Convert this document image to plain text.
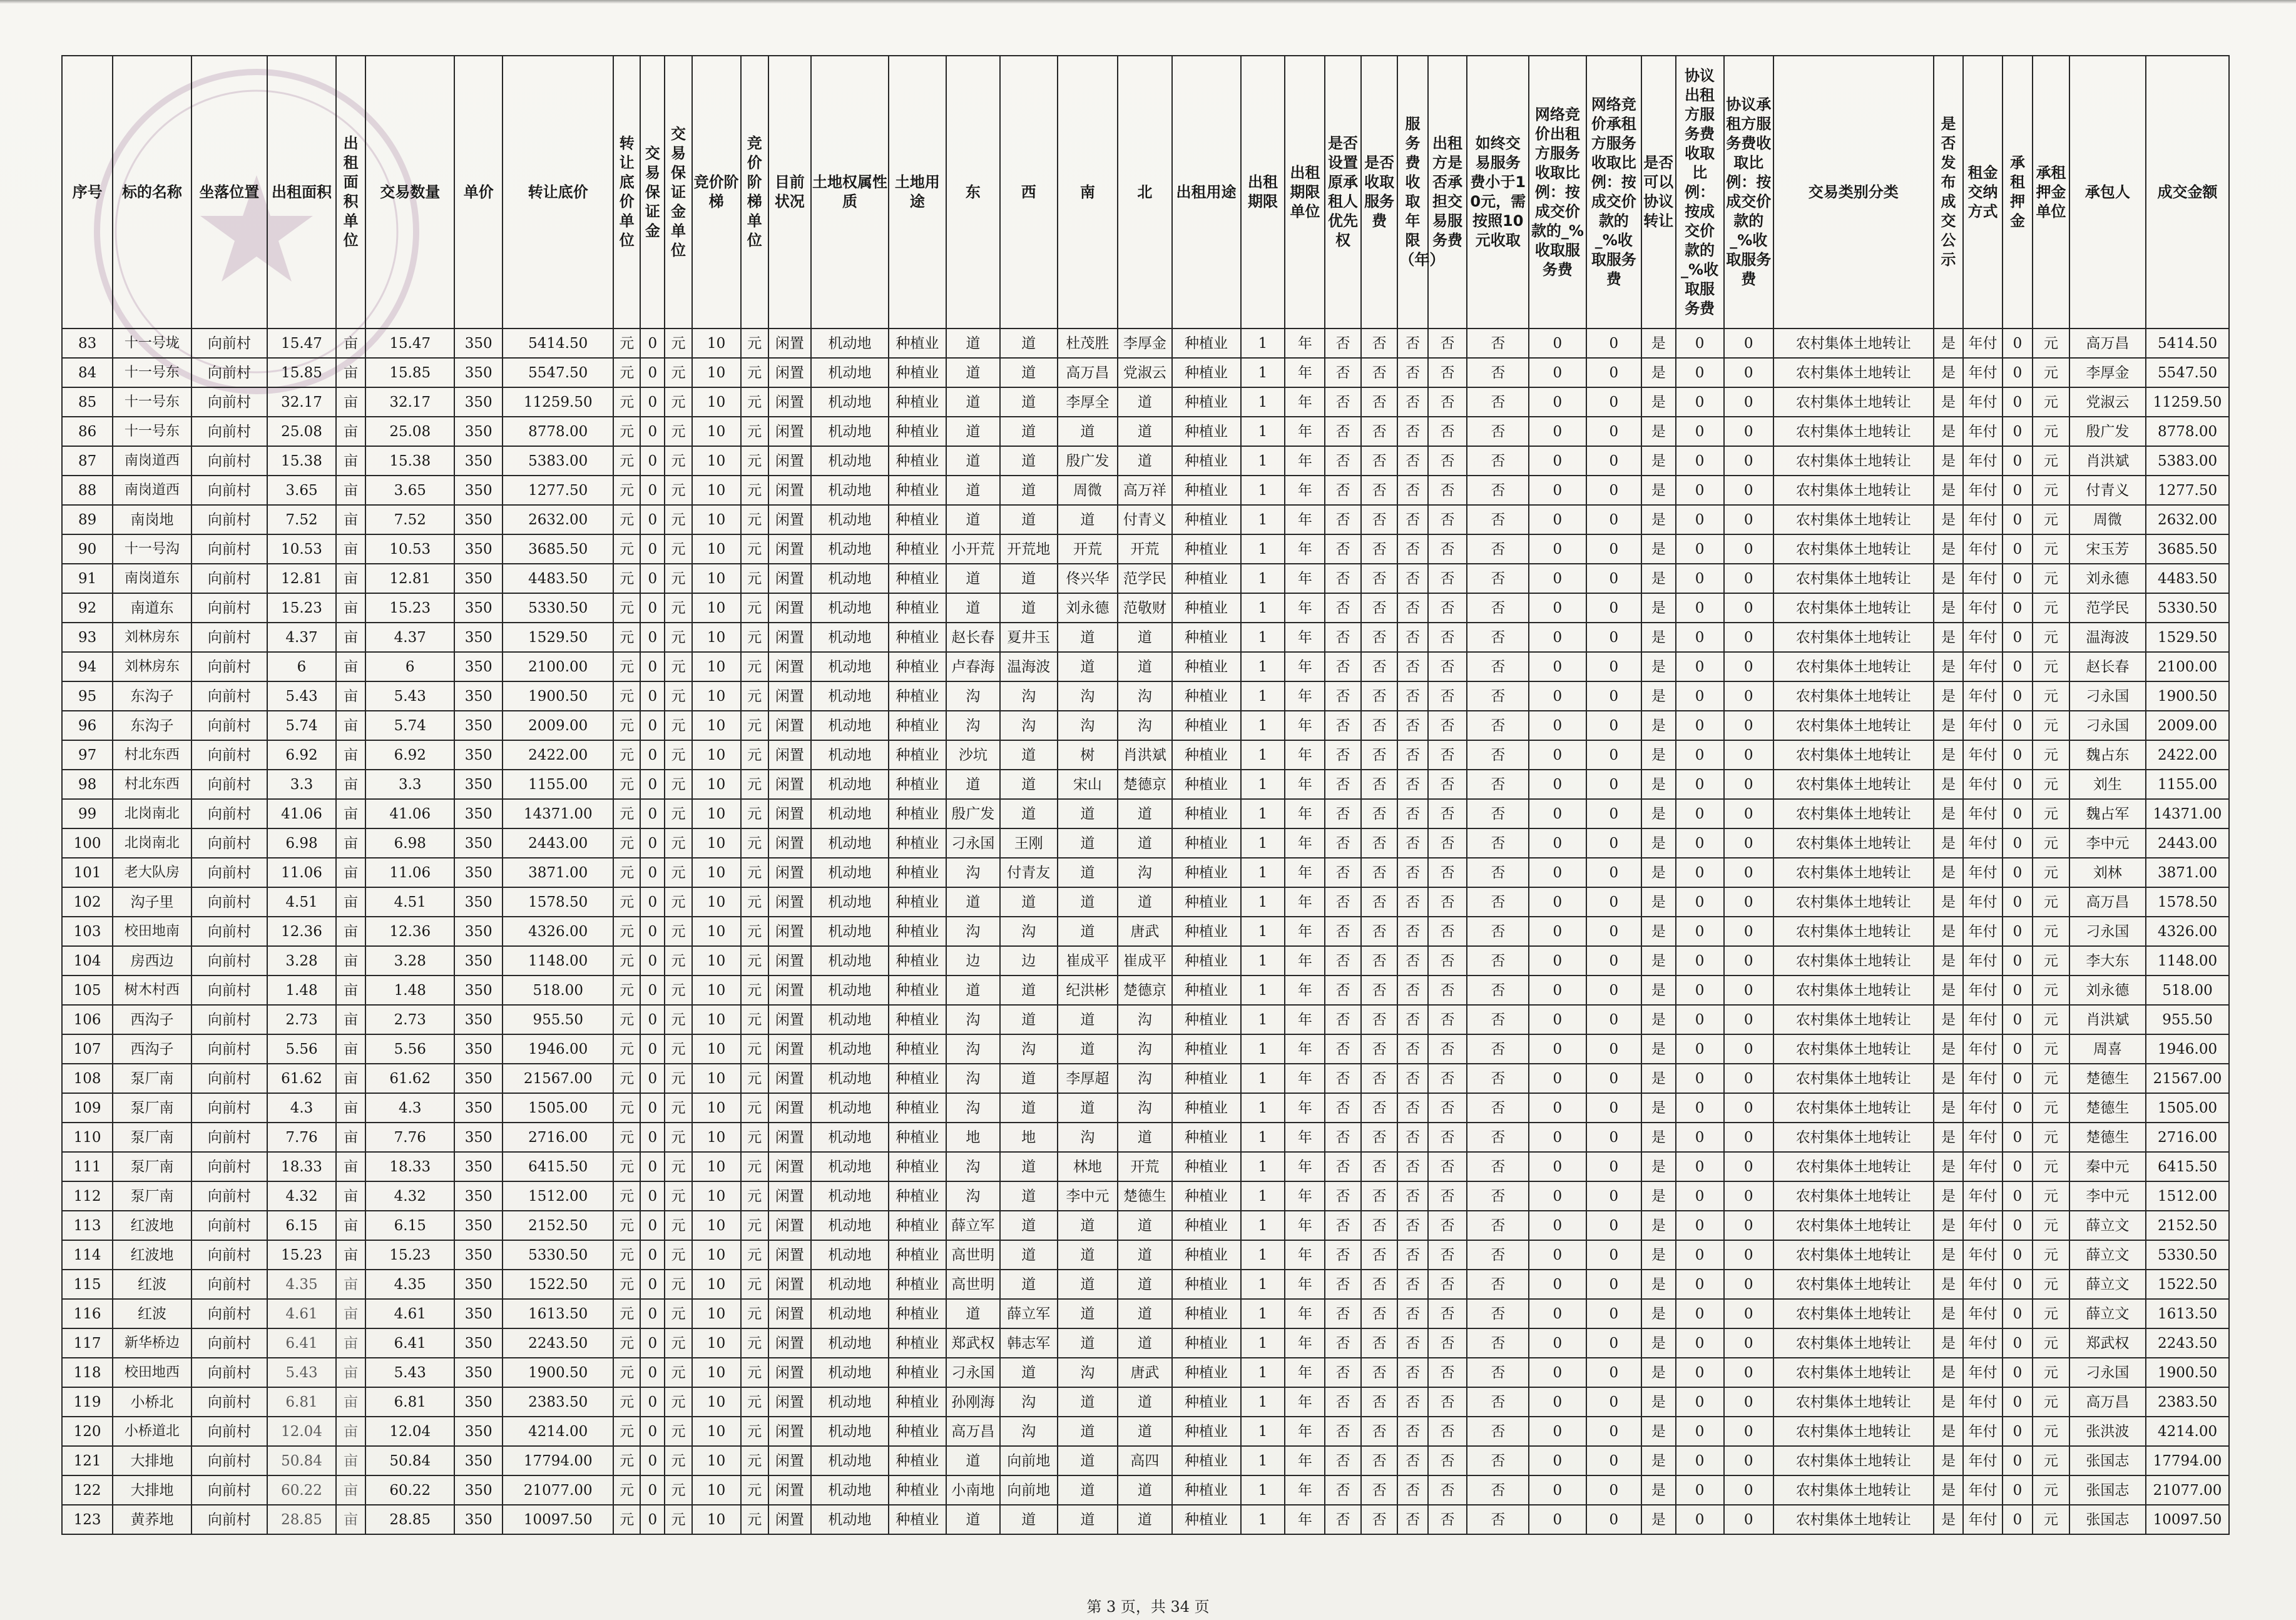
序号	标的名称	坐落位置	出租面积	出租面积单位	交易数量	单价	转让底价	转让底价单位	交易保证金	交易保证金单位	竞价阶梯	竞价阶梯单位	目前状况	土地权属性质	土地用途	东	西	南	北	出租用途	出租期限	出租期限单位	是否设置原承租人优先权	是否收取服务费	服务费收取年限（年）	出租方是否承担交易服务费	如终交易服务费小于10元，需按照10元收取	网络竞价出租方服务收取比例：按成交价款的_%收取服务费	网络竞价承租方服务收取比例：按成交价款的_%收取服务费	是否可以协议转让	协议出租方服务费收取比例：按成交价款的_%收取服务费	协议承租方服务费收取比例：按成交价款的_%收取服务费	交易类别分类	是否发布成交公示	租金交纳方式	承租押金	承租押金单位	承包人	成交金额
83	十一号垅	向前村	15.47	亩	15.47	350	5414.50	元	0	元	10	元	闲置	机动地	种植业	道	道	杜茂胜	李厚金	种植业	1	年	否	否	否	否	否	0	0	是	0	0	农村集体土地转让	是	年付	0	元	高万昌	5414.50
84	十一号东	向前村	15.85	亩	15.85	350	5547.50	元	0	元	10	元	闲置	机动地	种植业	道	道	高万昌	党淑云	种植业	1	年	否	否	否	否	否	0	0	是	0	0	农村集体土地转让	是	年付	0	元	李厚金	5547.50
85	十一号东	向前村	32.17	亩	32.17	350	11259.50	元	0	元	10	元	闲置	机动地	种植业	道	道	李厚全	道	种植业	1	年	否	否	否	否	否	0	0	是	0	0	农村集体土地转让	是	年付	0	元	党淑云	11259.50
86	十一号东	向前村	25.08	亩	25.08	350	8778.00	元	0	元	10	元	闲置	机动地	种植业	道	道	道	道	种植业	1	年	否	否	否	否	否	0	0	是	0	0	农村集体土地转让	是	年付	0	元	殷广发	8778.00
87	南岗道西	向前村	15.38	亩	15.38	350	5383.00	元	0	元	10	元	闲置	机动地	种植业	道	道	殷广发	道	种植业	1	年	否	否	否	否	否	0	0	是	0	0	农村集体土地转让	是	年付	0	元	肖洪斌	5383.00
88	南岗道西	向前村	3.65	亩	3.65	350	1277.50	元	0	元	10	元	闲置	机动地	种植业	道	道	周微	高万祥	种植业	1	年	否	否	否	否	否	0	0	是	0	0	农村集体土地转让	是	年付	0	元	付青义	1277.50
89	南岗地	向前村	7.52	亩	7.52	350	2632.00	元	0	元	10	元	闲置	机动地	种植业	道	道	道	付青义	种植业	1	年	否	否	否	否	否	0	0	是	0	0	农村集体土地转让	是	年付	0	元	周微	2632.00
90	十一号沟	向前村	10.53	亩	10.53	350	3685.50	元	0	元	10	元	闲置	机动地	种植业	小开荒	开荒地	开荒	开荒	种植业	1	年	否	否	否	否	否	0	0	是	0	0	农村集体土地转让	是	年付	0	元	宋玉芳	3685.50
91	南岗道东	向前村	12.81	亩	12.81	350	4483.50	元	0	元	10	元	闲置	机动地	种植业	道	道	佟兴华	范学民	种植业	1	年	否	否	否	否	否	0	0	是	0	0	农村集体土地转让	是	年付	0	元	刘永德	4483.50
92	南道东	向前村	15.23	亩	15.23	350	5330.50	元	0	元	10	元	闲置	机动地	种植业	道	道	刘永德	范敬财	种植业	1	年	否	否	否	否	否	0	0	是	0	0	农村集体土地转让	是	年付	0	元	范学民	5330.50
93	刘林房东	向前村	4.37	亩	4.37	350	1529.50	元	0	元	10	元	闲置	机动地	种植业	赵长春	夏井玉	道	道	种植业	1	年	否	否	否	否	否	0	0	是	0	0	农村集体土地转让	是	年付	0	元	温海波	1529.50
94	刘林房东	向前村	6	亩	6	350	2100.00	元	0	元	10	元	闲置	机动地	种植业	卢春海	温海波	道	道	种植业	1	年	否	否	否	否	否	0	0	是	0	0	农村集体土地转让	是	年付	0	元	赵长春	2100.00
95	东沟子	向前村	5.43	亩	5.43	350	1900.50	元	0	元	10	元	闲置	机动地	种植业	沟	沟	沟	沟	种植业	1	年	否	否	否	否	否	0	0	是	0	0	农村集体土地转让	是	年付	0	元	刁永国	1900.50
96	东沟子	向前村	5.74	亩	5.74	350	2009.00	元	0	元	10	元	闲置	机动地	种植业	沟	沟	沟	沟	种植业	1	年	否	否	否	否	否	0	0	是	0	0	农村集体土地转让	是	年付	0	元	刁永国	2009.00
97	村北东西	向前村	6.92	亩	6.92	350	2422.00	元	0	元	10	元	闲置	机动地	种植业	沙坑	道	树	肖洪斌	种植业	1	年	否	否	否	否	否	0	0	是	0	0	农村集体土地转让	是	年付	0	元	魏占东	2422.00
98	村北东西	向前村	3.3	亩	3.3	350	1155.00	元	0	元	10	元	闲置	机动地	种植业	道	道	宋山	楚德京	种植业	1	年	否	否	否	否	否	0	0	是	0	0	农村集体土地转让	是	年付	0	元	刘生	1155.00
99	北岗南北	向前村	41.06	亩	41.06	350	14371.00	元	0	元	10	元	闲置	机动地	种植业	殷广发	道	道	道	种植业	1	年	否	否	否	否	否	0	0	是	0	0	农村集体土地转让	是	年付	0	元	魏占军	14371.00
100	北岗南北	向前村	6.98	亩	6.98	350	2443.00	元	0	元	10	元	闲置	机动地	种植业	刁永国	王刚	道	道	种植业	1	年	否	否	否	否	否	0	0	是	0	0	农村集体土地转让	是	年付	0	元	李中元	2443.00
101	老大队房	向前村	11.06	亩	11.06	350	3871.00	元	0	元	10	元	闲置	机动地	种植业	沟	付青友	道	沟	种植业	1	年	否	否	否	否	否	0	0	是	0	0	农村集体土地转让	是	年付	0	元	刘林	3871.00
102	沟子里	向前村	4.51	亩	4.51	350	1578.50	元	0	元	10	元	闲置	机动地	种植业	道	道	道	道	种植业	1	年	否	否	否	否	否	0	0	是	0	0	农村集体土地转让	是	年付	0	元	高万昌	1578.50
103	校田地南	向前村	12.36	亩	12.36	350	4326.00	元	0	元	10	元	闲置	机动地	种植业	沟	沟	道	唐武	种植业	1	年	否	否	否	否	否	0	0	是	0	0	农村集体土地转让	是	年付	0	元	刁永国	4326.00
104	房西边	向前村	3.28	亩	3.28	350	1148.00	元	0	元	10	元	闲置	机动地	种植业	边	边	崔成平	崔成平	种植业	1	年	否	否	否	否	否	0	0	是	0	0	农村集体土地转让	是	年付	0	元	李大东	1148.00
105	树木村西	向前村	1.48	亩	1.48	350	518.00	元	0	元	10	元	闲置	机动地	种植业	道	道	纪洪彬	楚德京	种植业	1	年	否	否	否	否	否	0	0	是	0	0	农村集体土地转让	是	年付	0	元	刘永德	518.00
106	西沟子	向前村	2.73	亩	2.73	350	955.50	元	0	元	10	元	闲置	机动地	种植业	沟	道	道	沟	种植业	1	年	否	否	否	否	否	0	0	是	0	0	农村集体土地转让	是	年付	0	元	肖洪斌	955.50
107	西沟子	向前村	5.56	亩	5.56	350	1946.00	元	0	元	10	元	闲置	机动地	种植业	沟	沟	道	沟	种植业	1	年	否	否	否	否	否	0	0	是	0	0	农村集体土地转让	是	年付	0	元	周喜	1946.00
108	泵厂南	向前村	61.62	亩	61.62	350	21567.00	元	0	元	10	元	闲置	机动地	种植业	沟	道	李厚超	沟	种植业	1	年	否	否	否	否	否	0	0	是	0	0	农村集体土地转让	是	年付	0	元	楚德生	21567.00
109	泵厂南	向前村	4.3	亩	4.3	350	1505.00	元	0	元	10	元	闲置	机动地	种植业	沟	道	道	沟	种植业	1	年	否	否	否	否	否	0	0	是	0	0	农村集体土地转让	是	年付	0	元	楚德生	1505.00
110	泵厂南	向前村	7.76	亩	7.76	350	2716.00	元	0	元	10	元	闲置	机动地	种植业	地	地	沟	道	种植业	1	年	否	否	否	否	否	0	0	是	0	0	农村集体土地转让	是	年付	0	元	楚德生	2716.00
111	泵厂南	向前村	18.33	亩	18.33	350	6415.50	元	0	元	10	元	闲置	机动地	种植业	沟	道	林地	开荒	种植业	1	年	否	否	否	否	否	0	0	是	0	0	农村集体土地转让	是	年付	0	元	秦中元	6415.50
112	泵厂南	向前村	4.32	亩	4.32	350	1512.00	元	0	元	10	元	闲置	机动地	种植业	沟	道	李中元	楚德生	种植业	1	年	否	否	否	否	否	0	0	是	0	0	农村集体土地转让	是	年付	0	元	李中元	1512.00
113	红波地	向前村	6.15	亩	6.15	350	2152.50	元	0	元	10	元	闲置	机动地	种植业	薛立军	道	道	道	种植业	1	年	否	否	否	否	否	0	0	是	0	0	农村集体土地转让	是	年付	0	元	薛立文	2152.50
114	红波地	向前村	15.23	亩	15.23	350	5330.50	元	0	元	10	元	闲置	机动地	种植业	高世明	道	道	道	种植业	1	年	否	否	否	否	否	0	0	是	0	0	农村集体土地转让	是	年付	0	元	薛立文	5330.50
115	红波	向前村	4.35	亩	4.35	350	1522.50	元	0	元	10	元	闲置	机动地	种植业	高世明	道	道	道	种植业	1	年	否	否	否	否	否	0	0	是	0	0	农村集体土地转让	是	年付	0	元	薛立文	1522.50
116	红波	向前村	4.61	亩	4.61	350	1613.50	元	0	元	10	元	闲置	机动地	种植业	道	薛立军	道	道	种植业	1	年	否	否	否	否	否	0	0	是	0	0	农村集体土地转让	是	年付	0	元	薛立文	1613.50
117	新华桥边	向前村	6.41	亩	6.41	350	2243.50	元	0	元	10	元	闲置	机动地	种植业	郑武权	韩志军	道	道	种植业	1	年	否	否	否	否	否	0	0	是	0	0	农村集体土地转让	是	年付	0	元	郑武权	2243.50
118	校田地西	向前村	5.43	亩	5.43	350	1900.50	元	0	元	10	元	闲置	机动地	种植业	刁永国	道	沟	唐武	种植业	1	年	否	否	否	否	否	0	0	是	0	0	农村集体土地转让	是	年付	0	元	刁永国	1900.50
119	小桥北	向前村	6.81	亩	6.81	350	2383.50	元	0	元	10	元	闲置	机动地	种植业	孙刚海	沟	道	道	种植业	1	年	否	否	否	否	否	0	0	是	0	0	农村集体土地转让	是	年付	0	元	高万昌	2383.50
120	小桥道北	向前村	12.04	亩	12.04	350	4214.00	元	0	元	10	元	闲置	机动地	种植业	高万昌	沟	道	道	种植业	1	年	否	否	否	否	否	0	0	是	0	0	农村集体土地转让	是	年付	0	元	张洪波	4214.00
121	大排地	向前村	50.84	亩	50.84	350	17794.00	元	0	元	10	元	闲置	机动地	种植业	道	向前地	道	高四	种植业	1	年	否	否	否	否	否	0	0	是	0	0	农村集体土地转让	是	年付	0	元	张国志	17794.00
122	大排地	向前村	60.22	亩	60.22	350	21077.00	元	0	元	10	元	闲置	机动地	种植业	小南地	向前地	道	道	种植业	1	年	否	否	否	否	否	0	0	是	0	0	农村集体土地转让	是	年付	0	元	张国志	21077.00
123	黄荞地	向前村	28.85	亩	28.85	350	10097.50	元	0	元	10	元	闲置	机动地	种植业	道	道	道	道	种植业	1	年	否	否	否	否	否	0	0	是	0	0	农村集体土地转让	是	年付	0	元	张国志	10097.50
第 3 页，共 34 页
